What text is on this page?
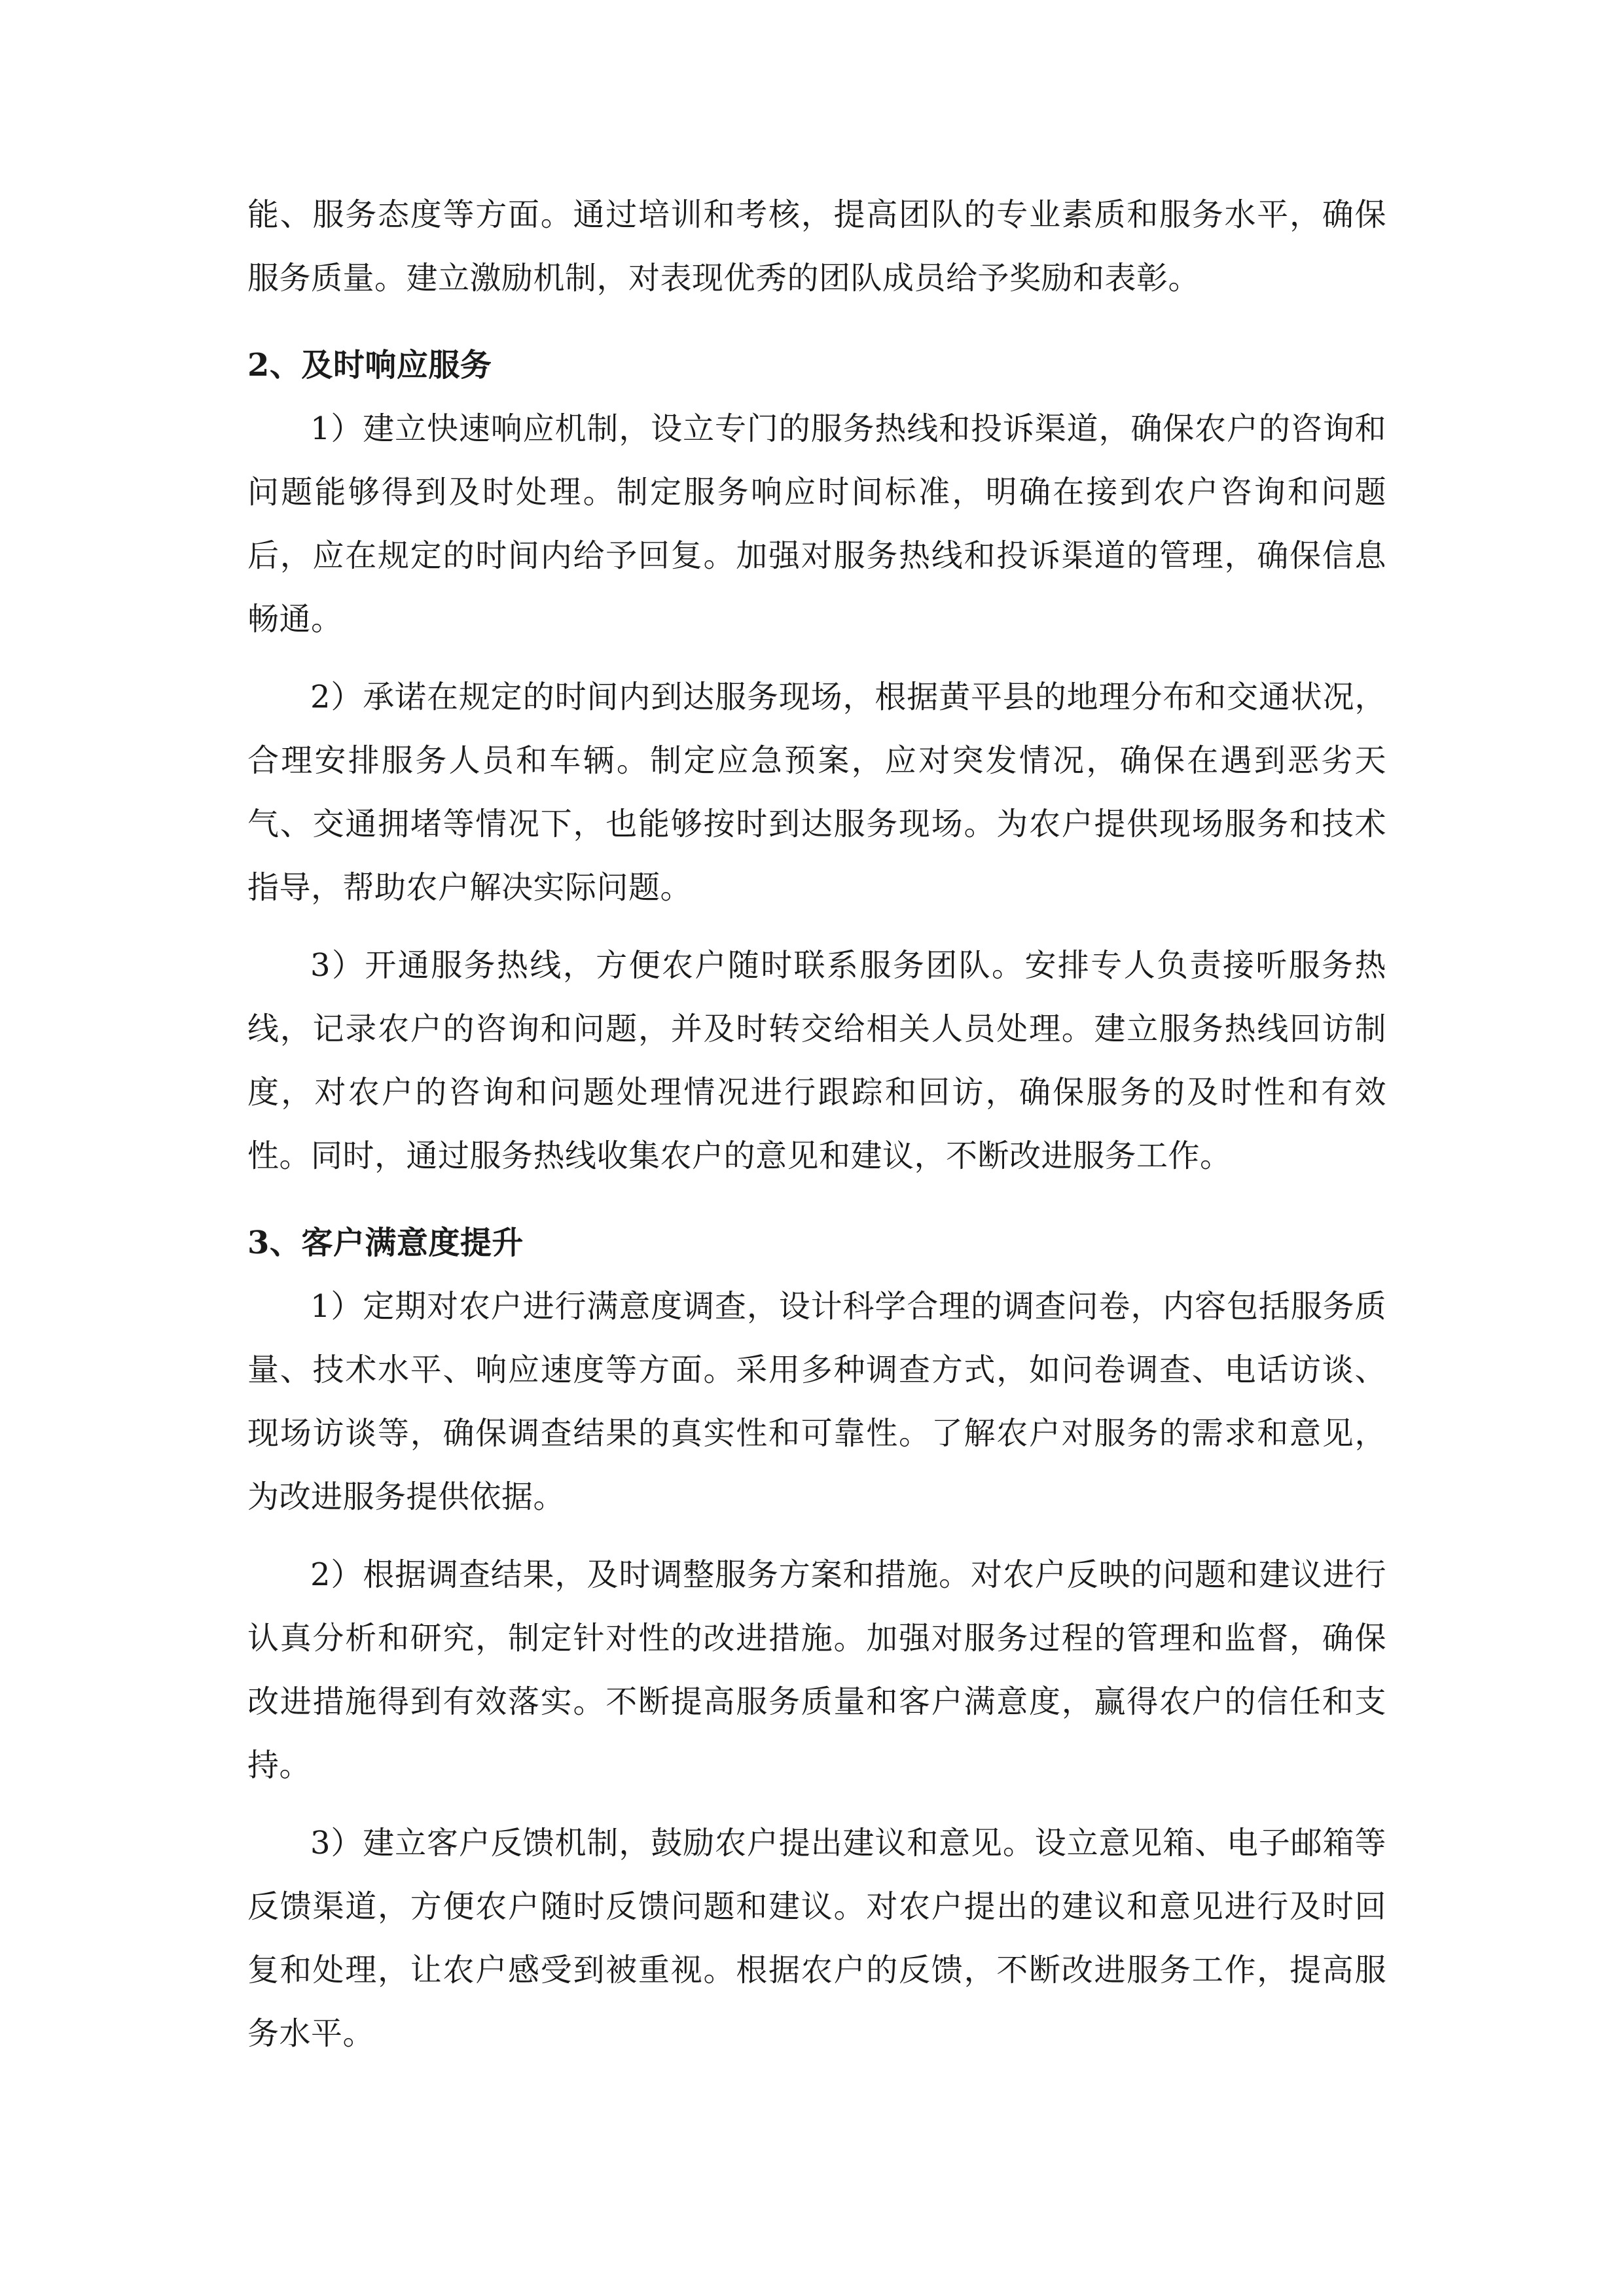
能、服务态度等方面。通过培训和考核，提高团队的专业素质和服务水平，确保服务质量。建立激励机制，对表现优秀的团队成员给予奖励和表彰。

2、及时响应服务

1）建立快速响应机制，设立专门的服务热线和投诉渠道，确保农户的咨询和问题能够得到及时处理。制定服务响应时间标准，明确在接到农户咨询和问题后，应在规定的时间内给予回复。加强对服务热线和投诉渠道的管理，确保信息畅通。

2）承诺在规定的时间内到达服务现场，根据黄平县的地理分布和交通状况，合理安排服务人员和车辆。制定应急预案，应对突发情况，确保在遇到恶劣天气、交通拥堵等情况下，也能够按时到达服务现场。为农户提供现场服务和技术指导，帮助农户解决实际问题。

3）开通服务热线，方便农户随时联系服务团队。安排专人负责接听服务热线，记录农户的咨询和问题，并及时转交给相关人员处理。建立服务热线回访制度，对农户的咨询和问题处理情况进行跟踪和回访，确保服务的及时性和有效性。同时，通过服务热线收集农户的意见和建议，不断改进服务工作。

3、客户满意度提升

1）定期对农户进行满意度调查，设计科学合理的调查问卷，内容包括服务质量、技术水平、响应速度等方面。采用多种调查方式，如问卷调查、电话访谈、现场访谈等，确保调查结果的真实性和可靠性。了解农户对服务的需求和意见，为改进服务提供依据。

2）根据调查结果，及时调整服务方案和措施。对农户反映的问题和建议进行认真分析和研究，制定针对性的改进措施。加强对服务过程的管理和监督，确保改进措施得到有效落实。不断提高服务质量和客户满意度，赢得农户的信任和支持。

3）建立客户反馈机制，鼓励农户提出建议和意见。设立意见箱、电子邮箱等反馈渠道，方便农户随时反馈问题和建议。对农户提出的建议和意见进行及时回复和处理，让农户感受到被重视。根据农户的反馈，不断改进服务工作，提高服务水平。
